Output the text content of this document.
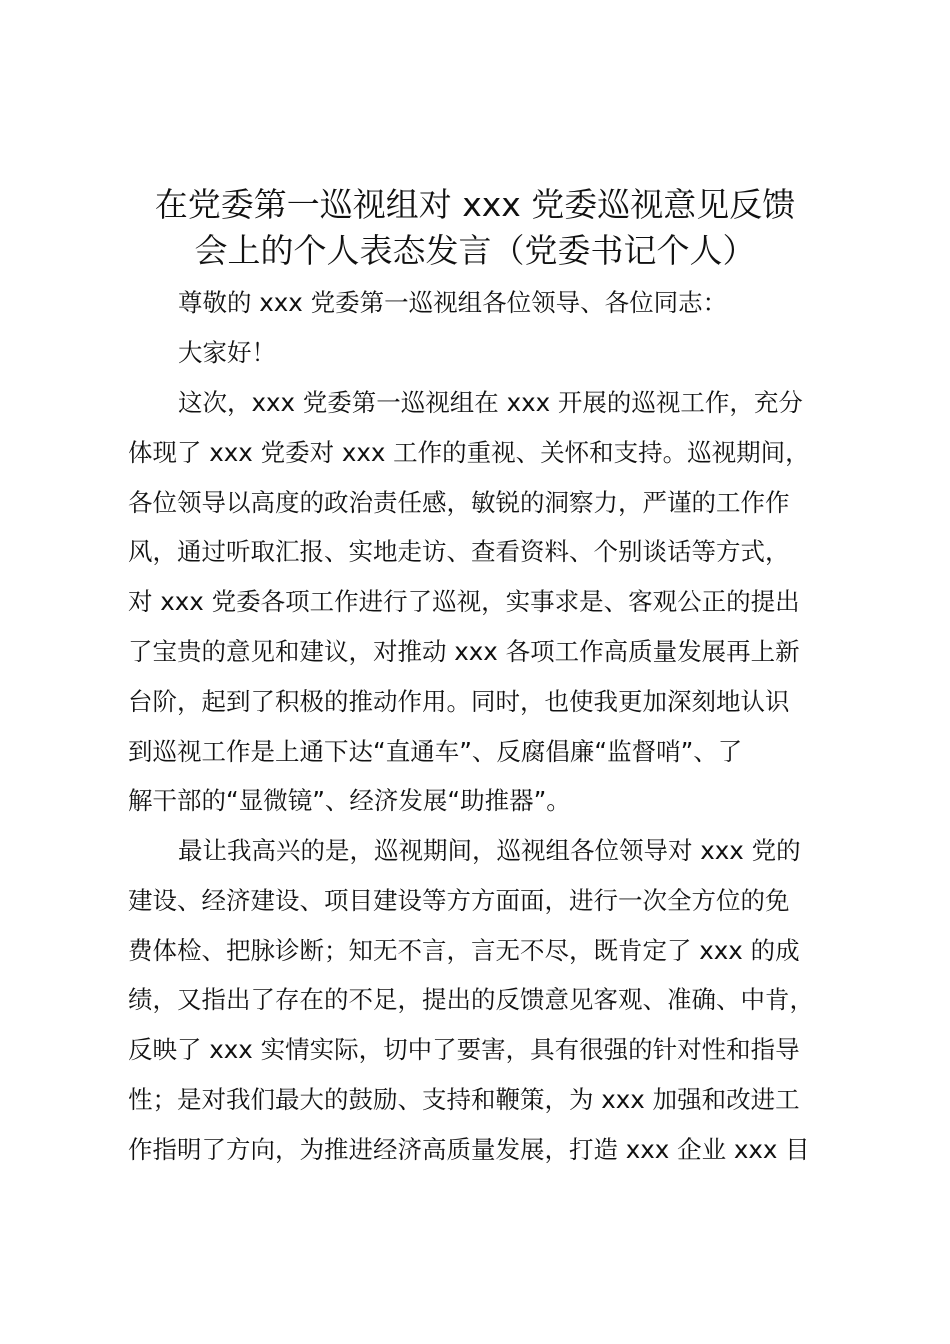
在党委第一巡视组对 xxx 党委巡视意见反馈
会上的个人表态发言（党委书记个人）

尊敬的 xxx 党委第一巡视组各位领导、各位同志：

大家好！

这次，xxx 党委第一巡视组在 xxx 开展的巡视工作，充分
体现了 xxx 党委对 xxx 工作的重视、关怀和支持。巡视期间，
各位领导以高度的政治责任感，敏锐的洞察力，严谨的工作作
风，通过听取汇报、实地走访、查看资料、个别谈话等方式，
对 xxx 党委各项工作进行了巡视，实事求是、客观公正的提出
了宝贵的意见和建议，对推动 xxx 各项工作高质量发展再上新
台阶，起到了积极的推动作用。同时，也使我更加深刻地认识
到巡视工作是上通下达“直通车”、反腐倡廉“监督哨”、了
解干部的“显微镜”、经济发展“助推器”。

最让我高兴的是，巡视期间，巡视组各位领导对 xxx 党的
建设、经济建设、项目建设等方方面面，进行一次全方位的免
费体检、把脉诊断；知无不言，言无不尽，既肯定了 xxx 的成
绩，又指出了存在的不足，提出的反馈意见客观、准确、中肯，
反映了 xxx 实情实际，切中了要害，具有很强的针对性和指导
性；是对我们最大的鼓励、支持和鞭策，为 xxx 加强和改进工
作指明了方向，为推进经济高质量发展，打造 xxx 企业 xxx 目
